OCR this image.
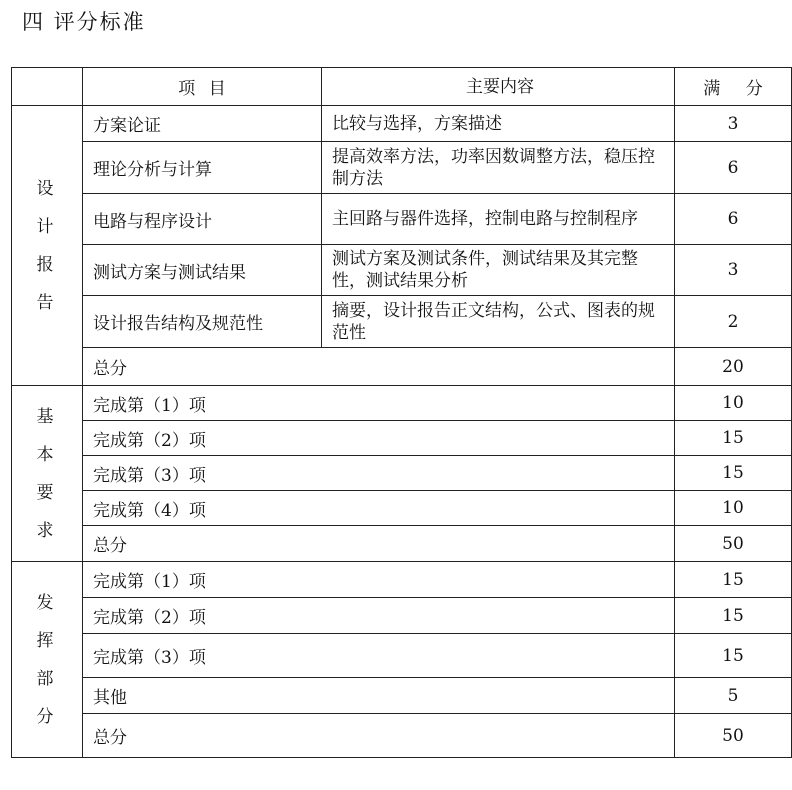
四 评分标准
	项 目	主要内容	满 分
设计报告	方案论证	比较与选择，方案描述	3
	理论分析与计算	提高效率方法，功率因数调整方法，稳压控制方法	6
	电路与程序设计	主回路与器件选择，控制电路与控制程序	6
	测试方案与测试结果	测试方案及测试条件，测试结果及其完整性，测试结果分析	3
	设计报告结构及规范性	摘要，设计报告正文结构，公式、图表的规范性	2
	总分		20
基本要求	完成第（1）项		10
	完成第（2）项		15
	完成第（3）项		15
	完成第（4）项		10
	总分		50
发挥部分	完成第（1）项		15
	完成第（2）项		15
	完成第（3）项		15
	其他		5
	总分		50
